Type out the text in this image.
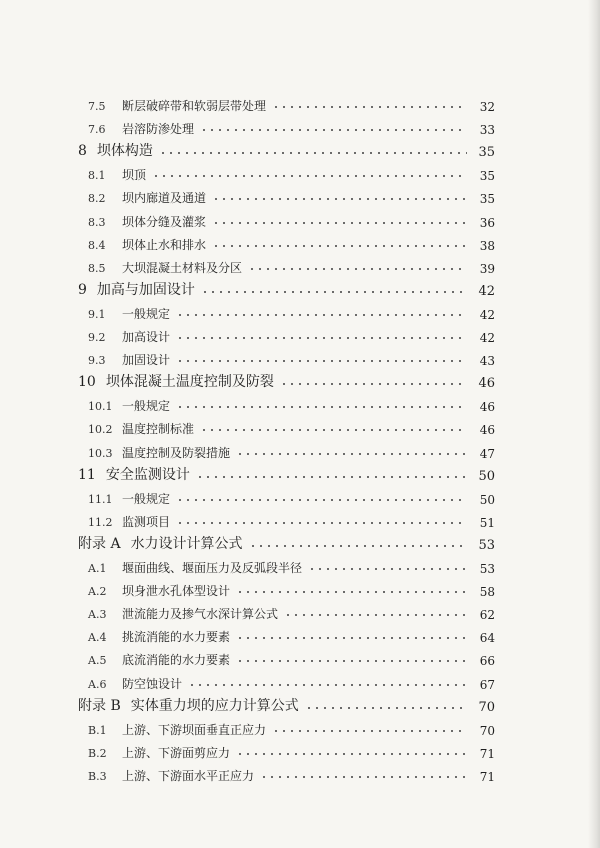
7.5	断层破碎带和软弱层带处理	32
7.6	岩溶防渗处理	33
8 坝体构造	35
8.1	坝顶	35
8.2	坝内廊道及通道	35
8.3	坝体分缝及灌浆	36
8.4	坝体止水和排水	38
8.5	大坝混凝土材料及分区	39
9 加高与加固设计	42
9.1	一般规定	42
9.2	加高设计	42
9.3	加固设计	43
10 坝体混凝土温度控制及防裂	46
10.1 一般规定	46
10.2 温度控制标准	46
10.3 温度控制及防裂措施	47
11 安全监测设计	50
11.1 一般规定	50
11.2 监测项目	51
附录 A 水力设计计算公式	53
A.1	堰面曲线、堰面压力及反弧段半径	53
A.2	坝身泄水孔体型设计	58
A.3	泄流能力及掺气水深计算公式	62
A.4	挑流消能的水力要素	64
A.5	底流消能的水力要素	66
A.6	防空蚀设计	67
附录 B 实体重力坝的应力计算公式	70
B.1	上游、下游坝面垂直正应力	70
B.2	上游、下游面剪应力	71
B.3	上游、下游面水平正应力	71
